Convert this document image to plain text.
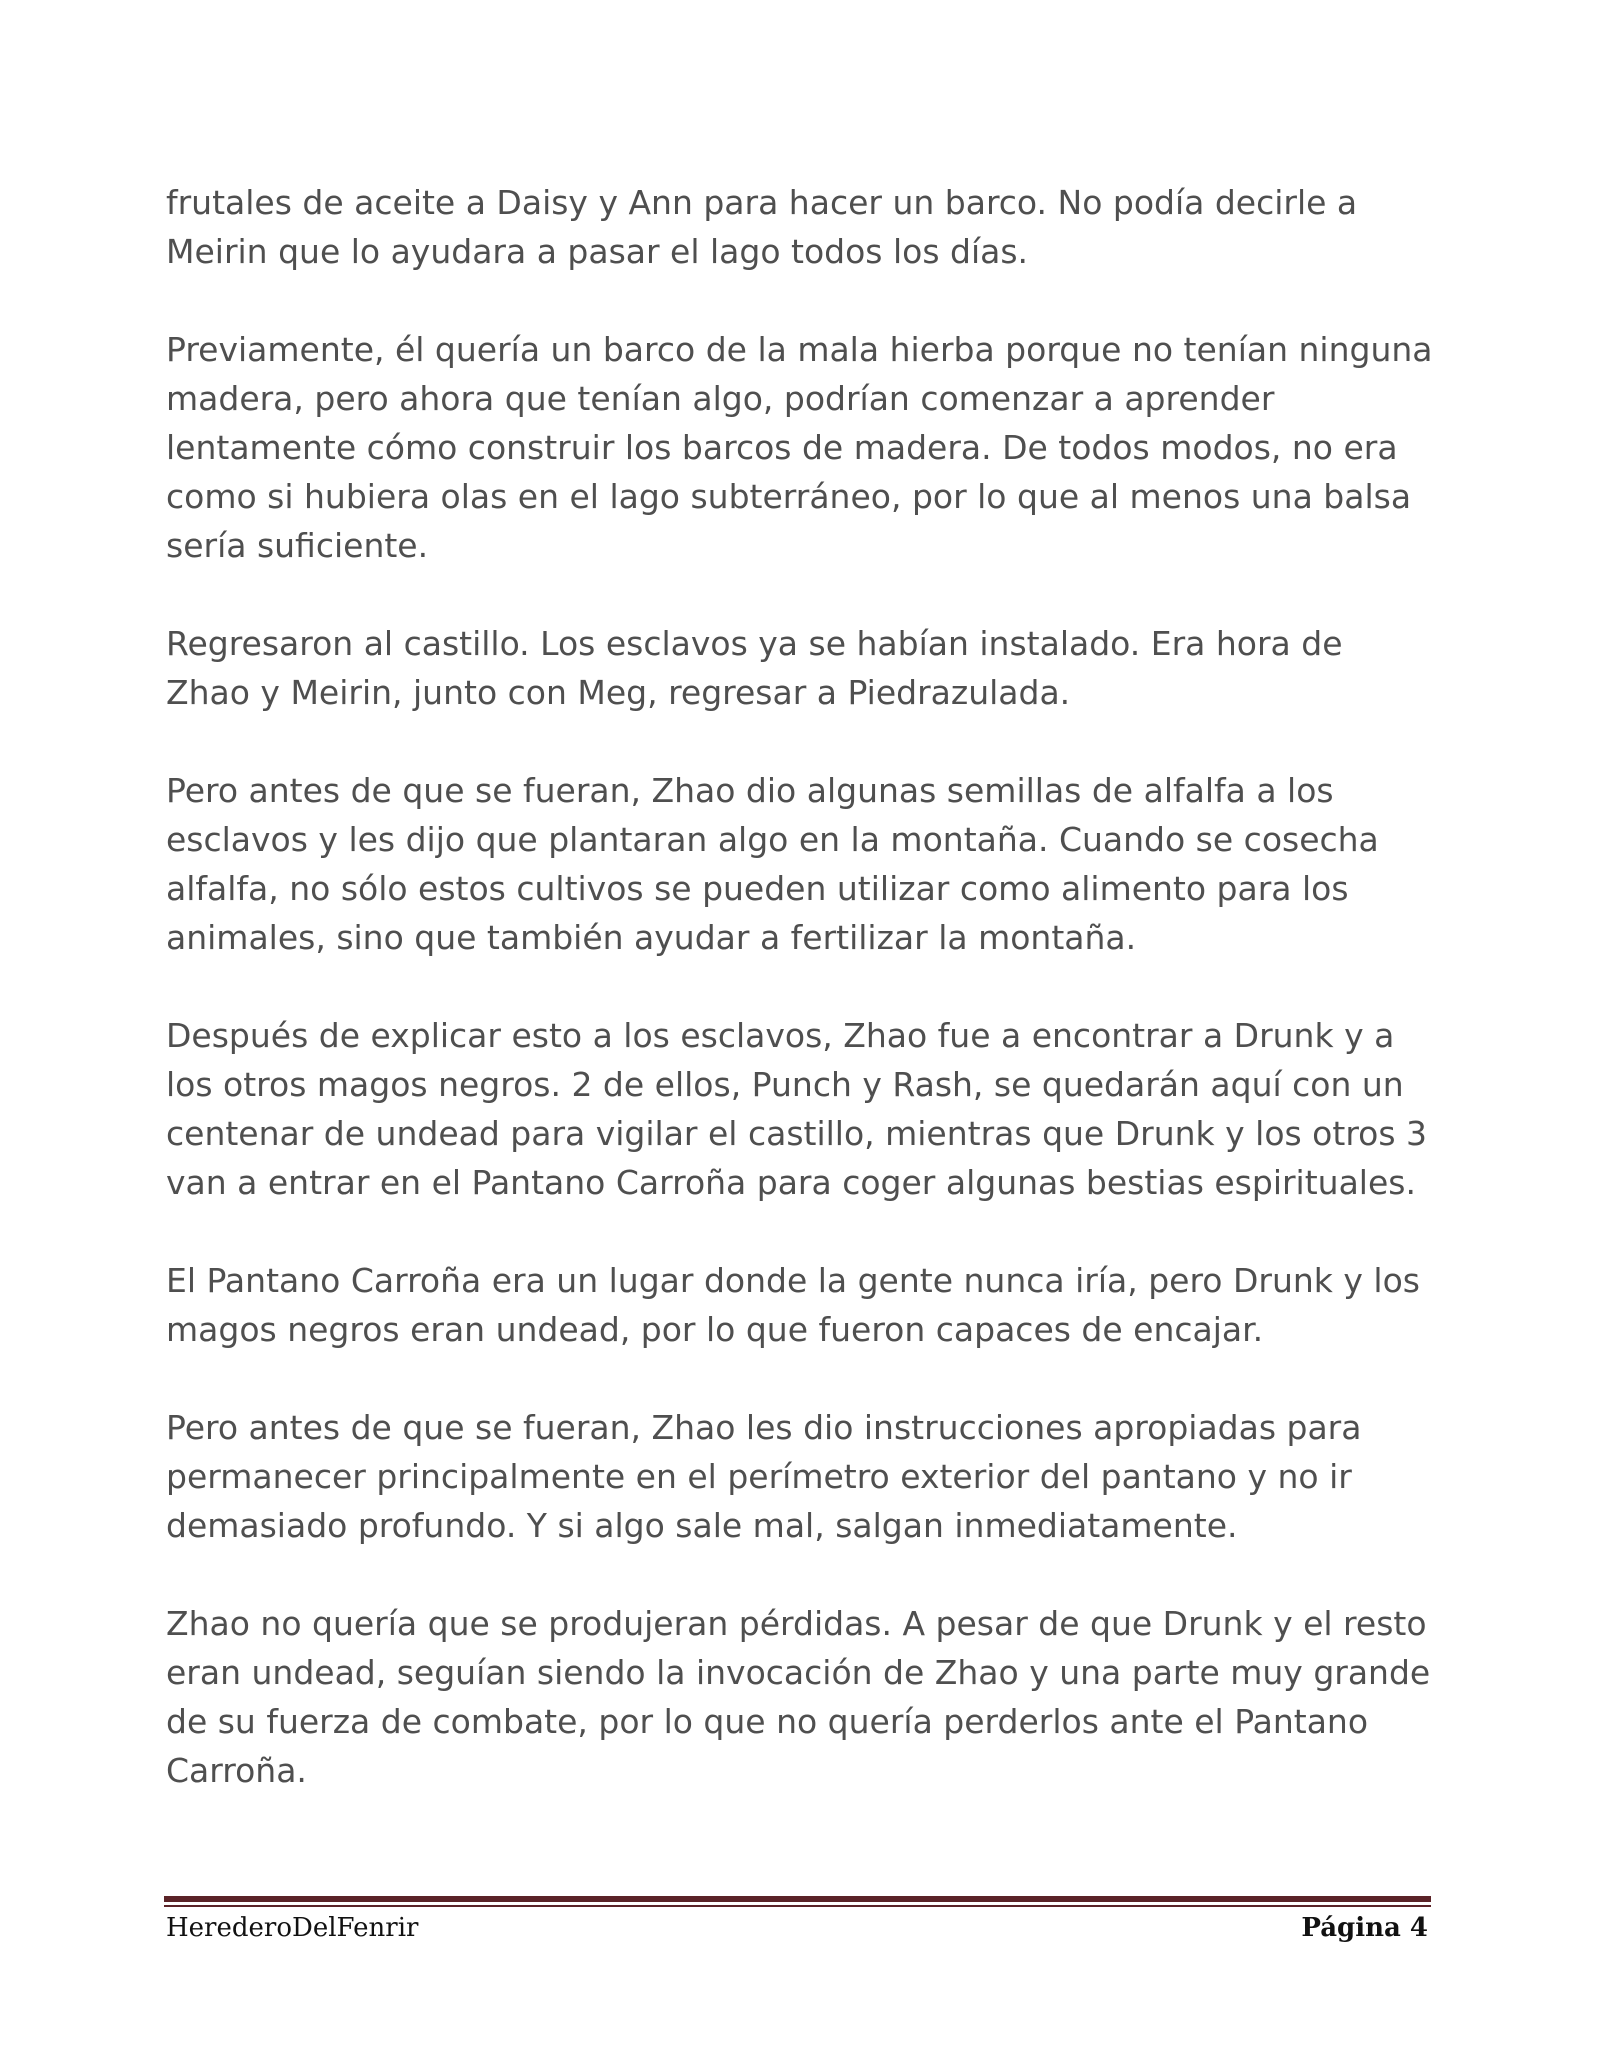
frutales de aceite a Daisy y Ann para hacer un barco. No podía decirle a Meirin que lo ayudara a pasar el lago todos los días.

Previamente, él quería un barco de la mala hierba porque no tenían ninguna madera, pero ahora que tenían algo, podrían comenzar a aprender lentamente cómo construir los barcos de madera. De todos modos, no era como si hubiera olas en el lago subterráneo, por lo que al menos una balsa sería suficiente.

Regresaron al castillo. Los esclavos ya se habían instalado. Era hora de Zhao y Meirin, junto con Meg, regresar a Piedrazulada.

Pero antes de que se fueran, Zhao dio algunas semillas de alfalfa a los esclavos y les dijo que plantaran algo en la montaña. Cuando se cosecha alfalfa, no sólo estos cultivos se pueden utilizar como alimento para los animales, sino que también ayudar a fertilizar la montaña.

Después de explicar esto a los esclavos, Zhao fue a encontrar a Drunk y a los otros magos negros. 2 de ellos, Punch y Rash, se quedarán aquí con un centenar de undead para vigilar el castillo, mientras que Drunk y los otros 3 van a entrar en el Pantano Carroña para coger algunas bestias espirituales.

El Pantano Carroña era un lugar donde la gente nunca iría, pero Drunk y los magos negros eran undead, por lo que fueron capaces de encajar.

Pero antes de que se fueran, Zhao les dio instrucciones apropiadas para permanecer principalmente en el perímetro exterior del pantano y no ir demasiado profundo. Y si algo sale mal, salgan inmediatamente.

Zhao no quería que se produjeran pérdidas. A pesar de que Drunk y el resto eran undead, seguían siendo la invocación de Zhao y una parte muy grande de su fuerza de combate, por lo que no quería perderlos ante el Pantano Carroña.

HerederoDelFenrir	Página 4
